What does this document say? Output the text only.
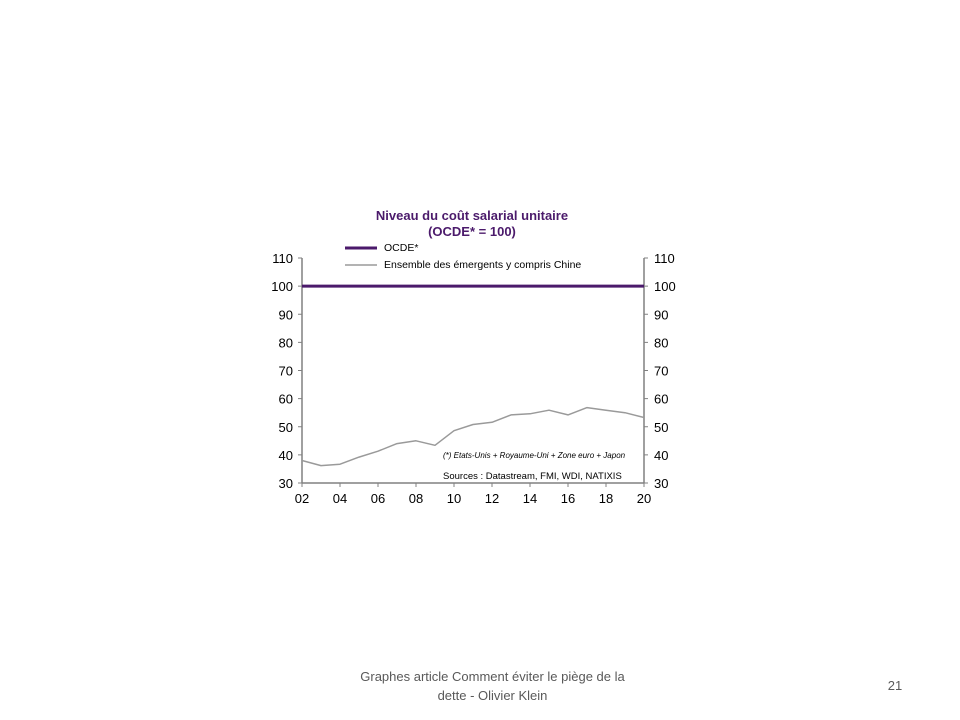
Niveau du coût salarial unitaire
(OCDE* = 100)
OCDE*
Ensemble des émergents y compris Chine
30	30
40	40
50	50
60	60
70	70
80	80
90	90
100	100
110	110
02 04 06 08 10 12 14 16 18 20
(*) Etats-Unis + Royaume-Uni + Zone euro + Japon
Sources : Datastream, FMI, WDI, NATIXIS
Graphes article Comment éviter le piège de la
dette - Olivier Klein
21
